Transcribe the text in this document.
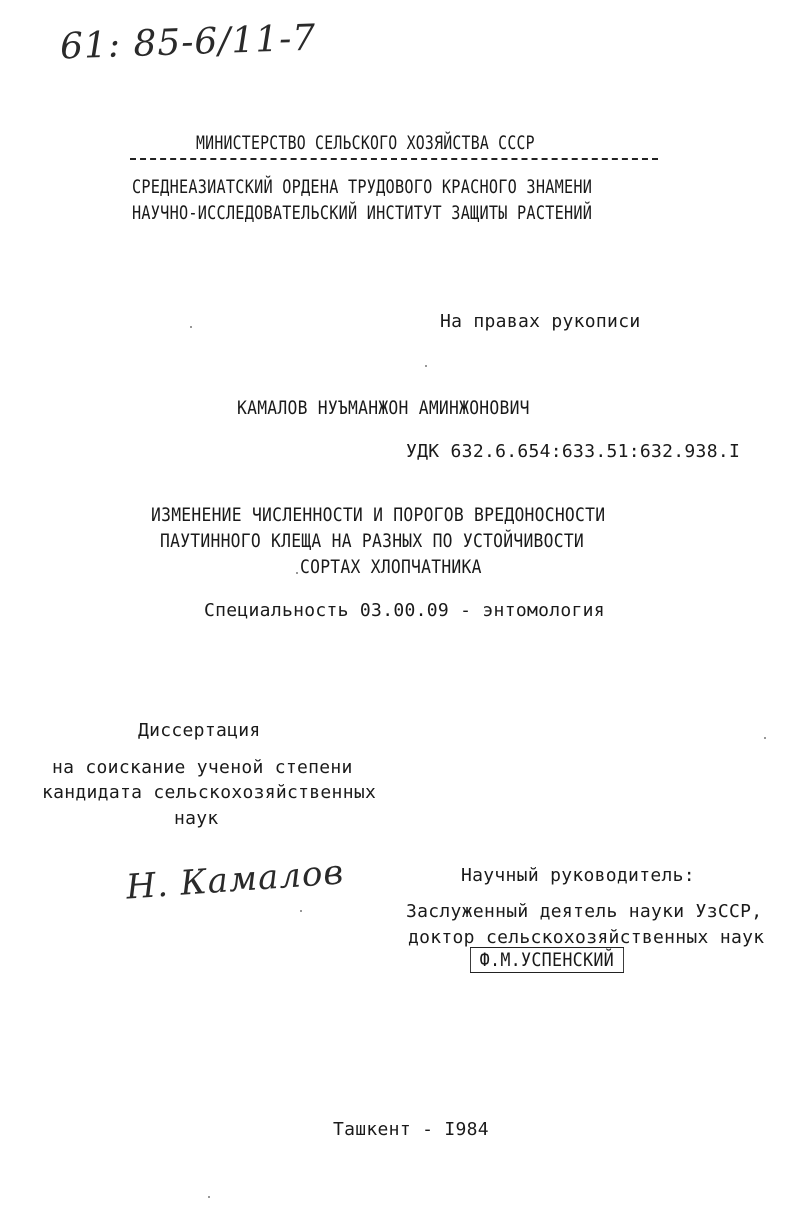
61: 85-6/11-7
МИНИСТЕРСТВО СЕЛЬСКОГО ХОЗЯЙСТВА СССР
СРЕДНЕАЗИАТСКИЙ ОРДЕНА ТРУДОВОГО КРАСНОГО ЗНАМЕНИ
НАУЧНО-ИССЛЕДОВАТЕЛЬСКИЙ ИНСТИТУТ ЗАЩИТЫ РАСТЕНИЙ
На правах рукописи
КАМАЛОВ НУЪМАНЖОН АМИНЖОНОВИЧ
УДК 632.6.654:633.51:632.938.I
ИЗМЕНЕНИЕ ЧИСЛЕННОСТИ И ПОРОГОВ ВРЕДОНОСНОСТИ
ПАУТИННОГО КЛЕЩА НА РАЗНЫХ ПО УСТОЙЧИВОСТИ
СОРТАХ ХЛОПЧАТНИКА
Специальность 03.00.09 - энтомология
Диссертация
на соискание ученой степени
кандидата сельскохозяйственных
наук
Н. Камалов	Научный руководитель:
Заслуженный деятель науки УзССР,
доктор сельскохозяйственных наук
Ф.М.УСПЕНСКИЙ
Ташкент - I984
